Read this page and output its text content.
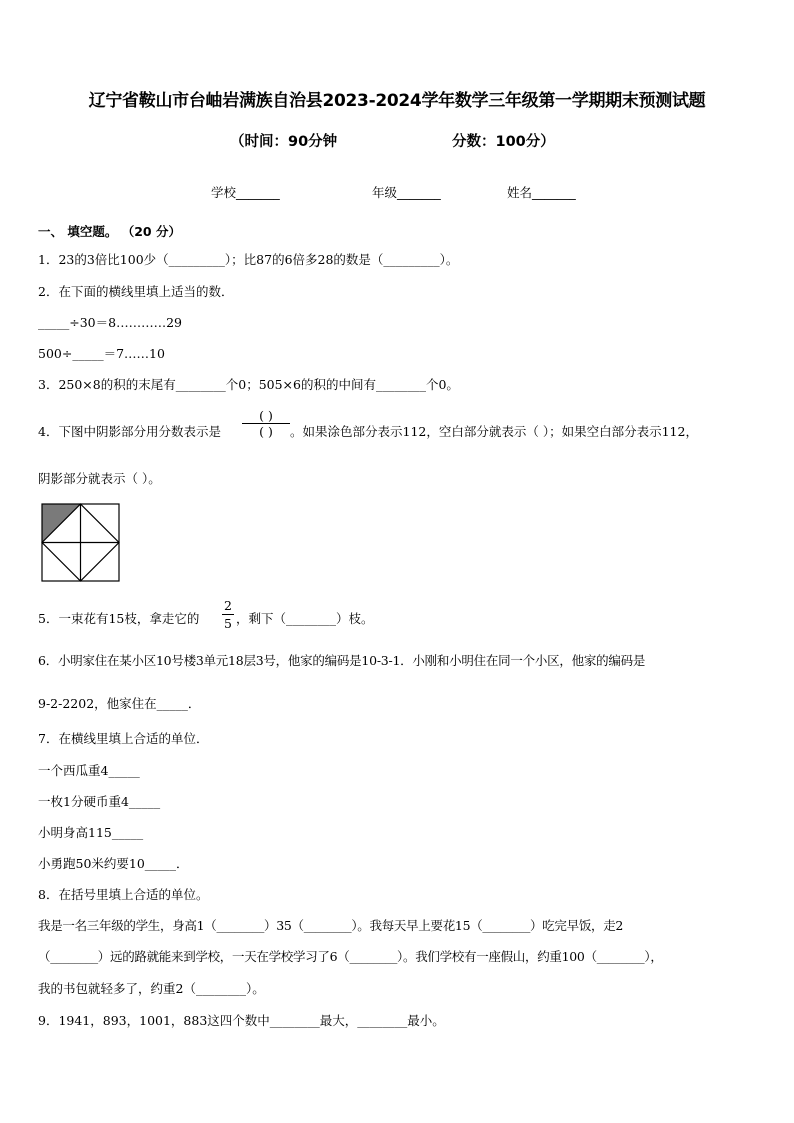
辽宁省鞍山市台岫岩满族自治县2023-2024学年数学三年级第一学期期末预测试题
（时间：90分钟	分数：100分）
学校_______	年级_______	姓名_______
一、 填空题。 （20 分）
1．23的3倍比100少（_________）；比87的6倍多28的数是（_________）。
2．在下面的横线里填上适当的数．
_____÷30＝8…………29
500÷_____＝7……10
3．250×8的积的末尾有________个0；505×6的积的中间有________个0。
4．下图中阴影部分用分数表示是
( )
( )	。如果涂色部分表示112，空白部分就表示（ ）；如果空白部分表示112，
阴影部分就表示（ ）。
5．一束花有15枝，拿走它的
2
5 ，剩下（________）枝。
6．小明家住在某小区10号楼3单元18层3号，他家的编码是10-3-1．小刚和小明住在同一个小区，他家的编码是
9-2-2202，他家住在_____．
7．在横线里填上合适的单位．
一个西瓜重4_____
一枚1分硬币重4_____
小明身高115_____
小勇跑50米约要10_____．
8．在括号里填上合适的单位。
我是一名三年级的学生，身高1（________）35（________）。我每天早上要花15（________）吃完早饭，走2
（________）远的路就能来到学校，一天在学校学习了6（________）。我们学校有一座假山，约重100（________），
我的书包就轻多了，约重2（________）。
9．1941，893，1001，883这四个数中________最大，________最小。
